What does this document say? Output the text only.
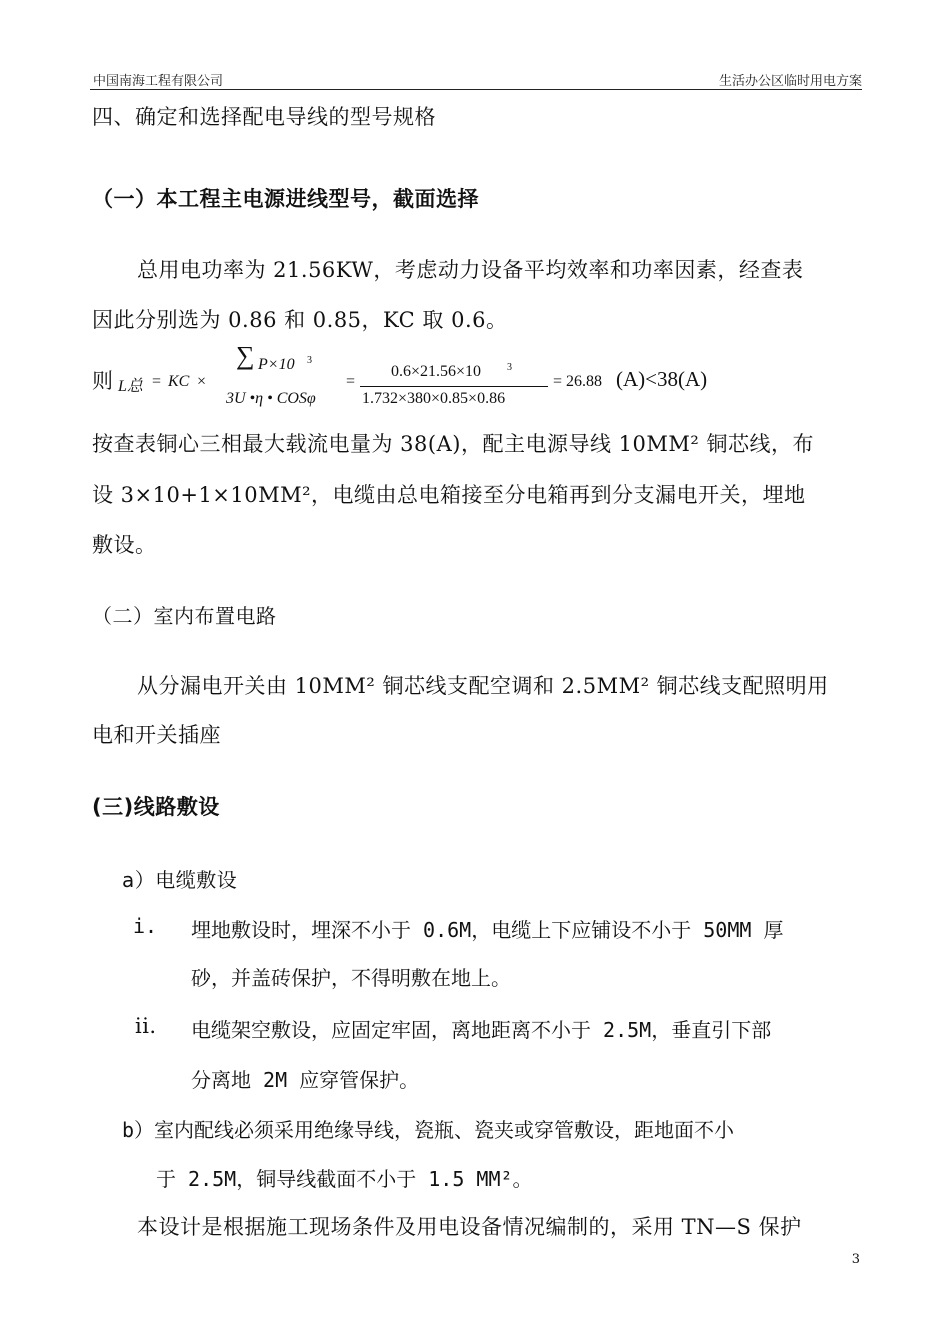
中国南海工程有限公司	生活办公区临时用电方案
四、确定和选择配电导线的型号规格
（一）本工程主电源进线型号，截面选择
总用电功率为 21.56KW，考虑动力设备平均效率和功率因素，经查表
因此分别选为 0.86 和 0.85，KC 取 0.6。
则 L总 = KC ×
∑ P×10 3
3U •η • COSφ
=
0.6×21.56×10	3
1.732×380×0.85×0.86
= 26.88 (A)<38(A)
按查表铜心三相最大载流电量为 38(A)，配主电源导线 10MM² 铜芯线，布
设 3×10+1×10MM²，电缆由总电箱接至分电箱再到分支漏电开关，埋地
敷设。
（二）室内布置电路
从分漏电开关由 10MM² 铜芯线支配空调和 2.5MM² 铜芯线支配照明用
电和开关插座
(三)线路敷设
a）电缆敷设
i. 埋地敷设时，埋深不小于 0.6M，电缆上下应铺设不小于 50MM 厚
砂，并盖砖保护，不得明敷在地上。
ii. 电缆架空敷设，应固定牢固，离地距离不小于 2.5M，垂直引下部
分离地 2M 应穿管保护。
b）室内配线必须采用绝缘导线，瓷瓶、瓷夹或穿管敷设，距地面不小
于 2.5M，铜导线截面不小于 1.5 MM²。
本设计是根据施工现场条件及用电设备情况编制的，采用 TN—S 保护
3
